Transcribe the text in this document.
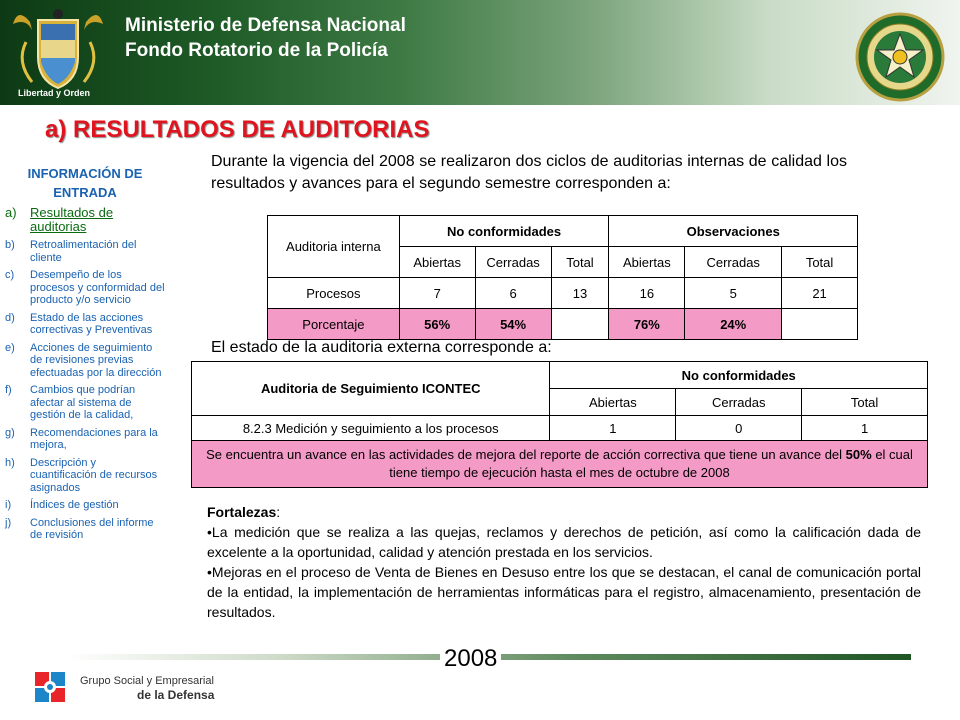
Libertad y Orden
Ministerio de Defensa Nacional
Fondo Rotatorio de la Policía
a) RESULTADOS DE AUDITORIAS
INFORMACIÓN DE
ENTRADA
a)	Resultados de auditorias
b)	Retroalimentación del cliente
c)	Desempeño de los procesos y conformidad del producto y/o servicio
d)	Estado de las acciones correctivas y Preventivas
e)	Acciones de seguimiento de revisiones previas efectuadas por la dirección
f)	Cambios que podrían afectar al sistema de gestión de la calidad,
g)	Recomendaciones para la mejora,
h)	Descripción y cuantificación de recursos asignados
i)	Índices de gestión
j)	Conclusiones del informe de revisión
Durante la vigencia del 2008 se realizaron dos ciclos de auditorias internas de calidad los resultados y avances para el segundo semestre corresponden a:
Auditoria interna	No conformidades			Observaciones		
	Abiertas	Cerradas	Total	Abiertas	Cerradas	Total
Procesos	7	6	13	16	5	21
Porcentaje	56%	54%		76%	24%	
El estado de la auditoria externa corresponde a:
Auditoria de Seguimiento ICONTEC	No conformidades		
	Abiertas	Cerradas	Total
8.2.3 Medición y seguimiento a los procesos	1	0	1
Se encuentra un avance en las actividades de mejora del reporte de acción correctiva que tiene un avance del 50% el cual tiene tiempo de ejecución hasta el mes de octubre de 2008			
Fortalezas:
•La medición que se realiza a las quejas, reclamos y derechos de petición, así como la calificación dada de excelente a la oportunidad, calidad y atención prestada en los servicios.
•Mejoras en el proceso de Venta de Bienes en Desuso entre los que se destacan, el canal de comunicación portal de la entidad, la implementación de herramientas informáticas para el registro, almacenamiento, presentación de resultados.
2008
Grupo Social y Empresarial
de la Defensa
